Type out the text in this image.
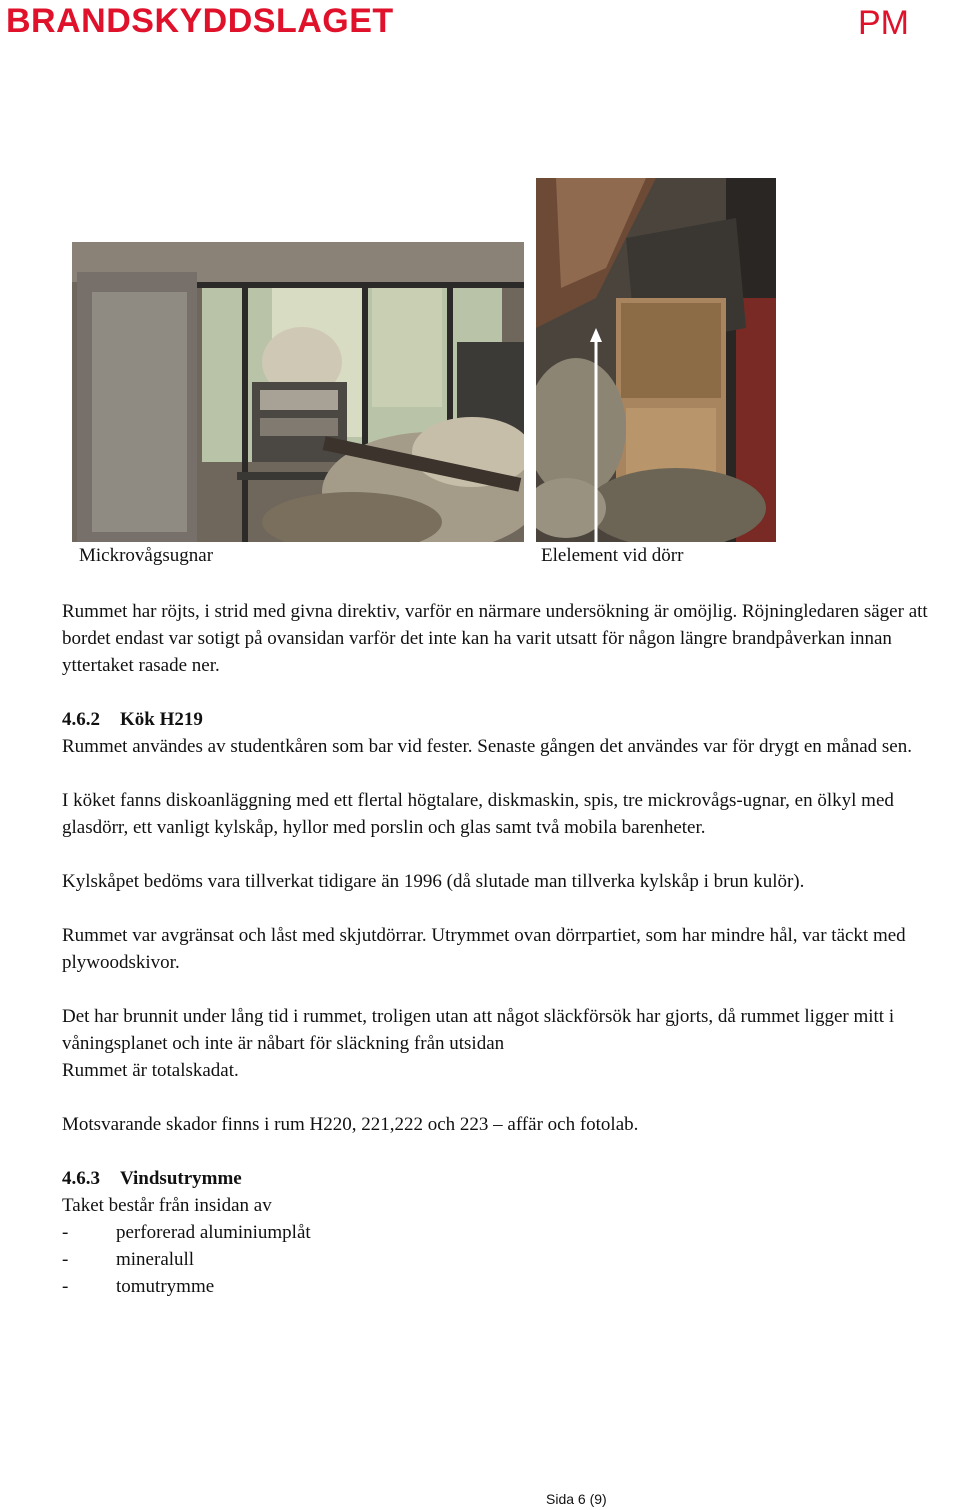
BRANDSKYDDSLAGET	PM
Mickrovågsugnar	Elelement vid dörr

Rummet har röjts, i strid med givna direktiv, varför en närmare undersökning är omöjlig. Röjningledaren säger att bordet endast var sotigt på ovansidan varför det inte kan ha varit utsatt för någon längre brandpåverkan innan yttertaket rasade ner.

4.6.2 Kök H219

Rummet användes av studentkåren som bar vid fester. Senaste gången det användes var för drygt en månad sen.

I köket fanns diskoanläggning med ett flertal högtalare, diskmaskin, spis, tre mickrovågs-ugnar, en ölkyl med glasdörr, ett vanligt kylskåp, hyllor med porslin och glas samt två mobila barenheter.

Kylskåpet bedöms vara tillverkat tidigare än 1996 (då slutade man tillverka kylskåp i brun kulör).

Rummet var avgränsat och låst med skjutdörrar. Utrymmet ovan dörrpartiet, som har mindre hål, var täckt med plywoodskivor.

Det har brunnit under lång tid i rummet, troligen utan att något släckförsök har gjorts, då rummet ligger mitt i våningsplanet och inte är nåbart för släckning från utsidan

Rummet är totalskadat.

Motsvarande skador finns i rum H220, 221,222 och 223 – affär och fotolab.

4.6.3 Vindsutrymme

Taket består från insidan av

-	perforerad aluminiumplåt
-	mineralull
-	tomutrymme
Sida 6 (9)
